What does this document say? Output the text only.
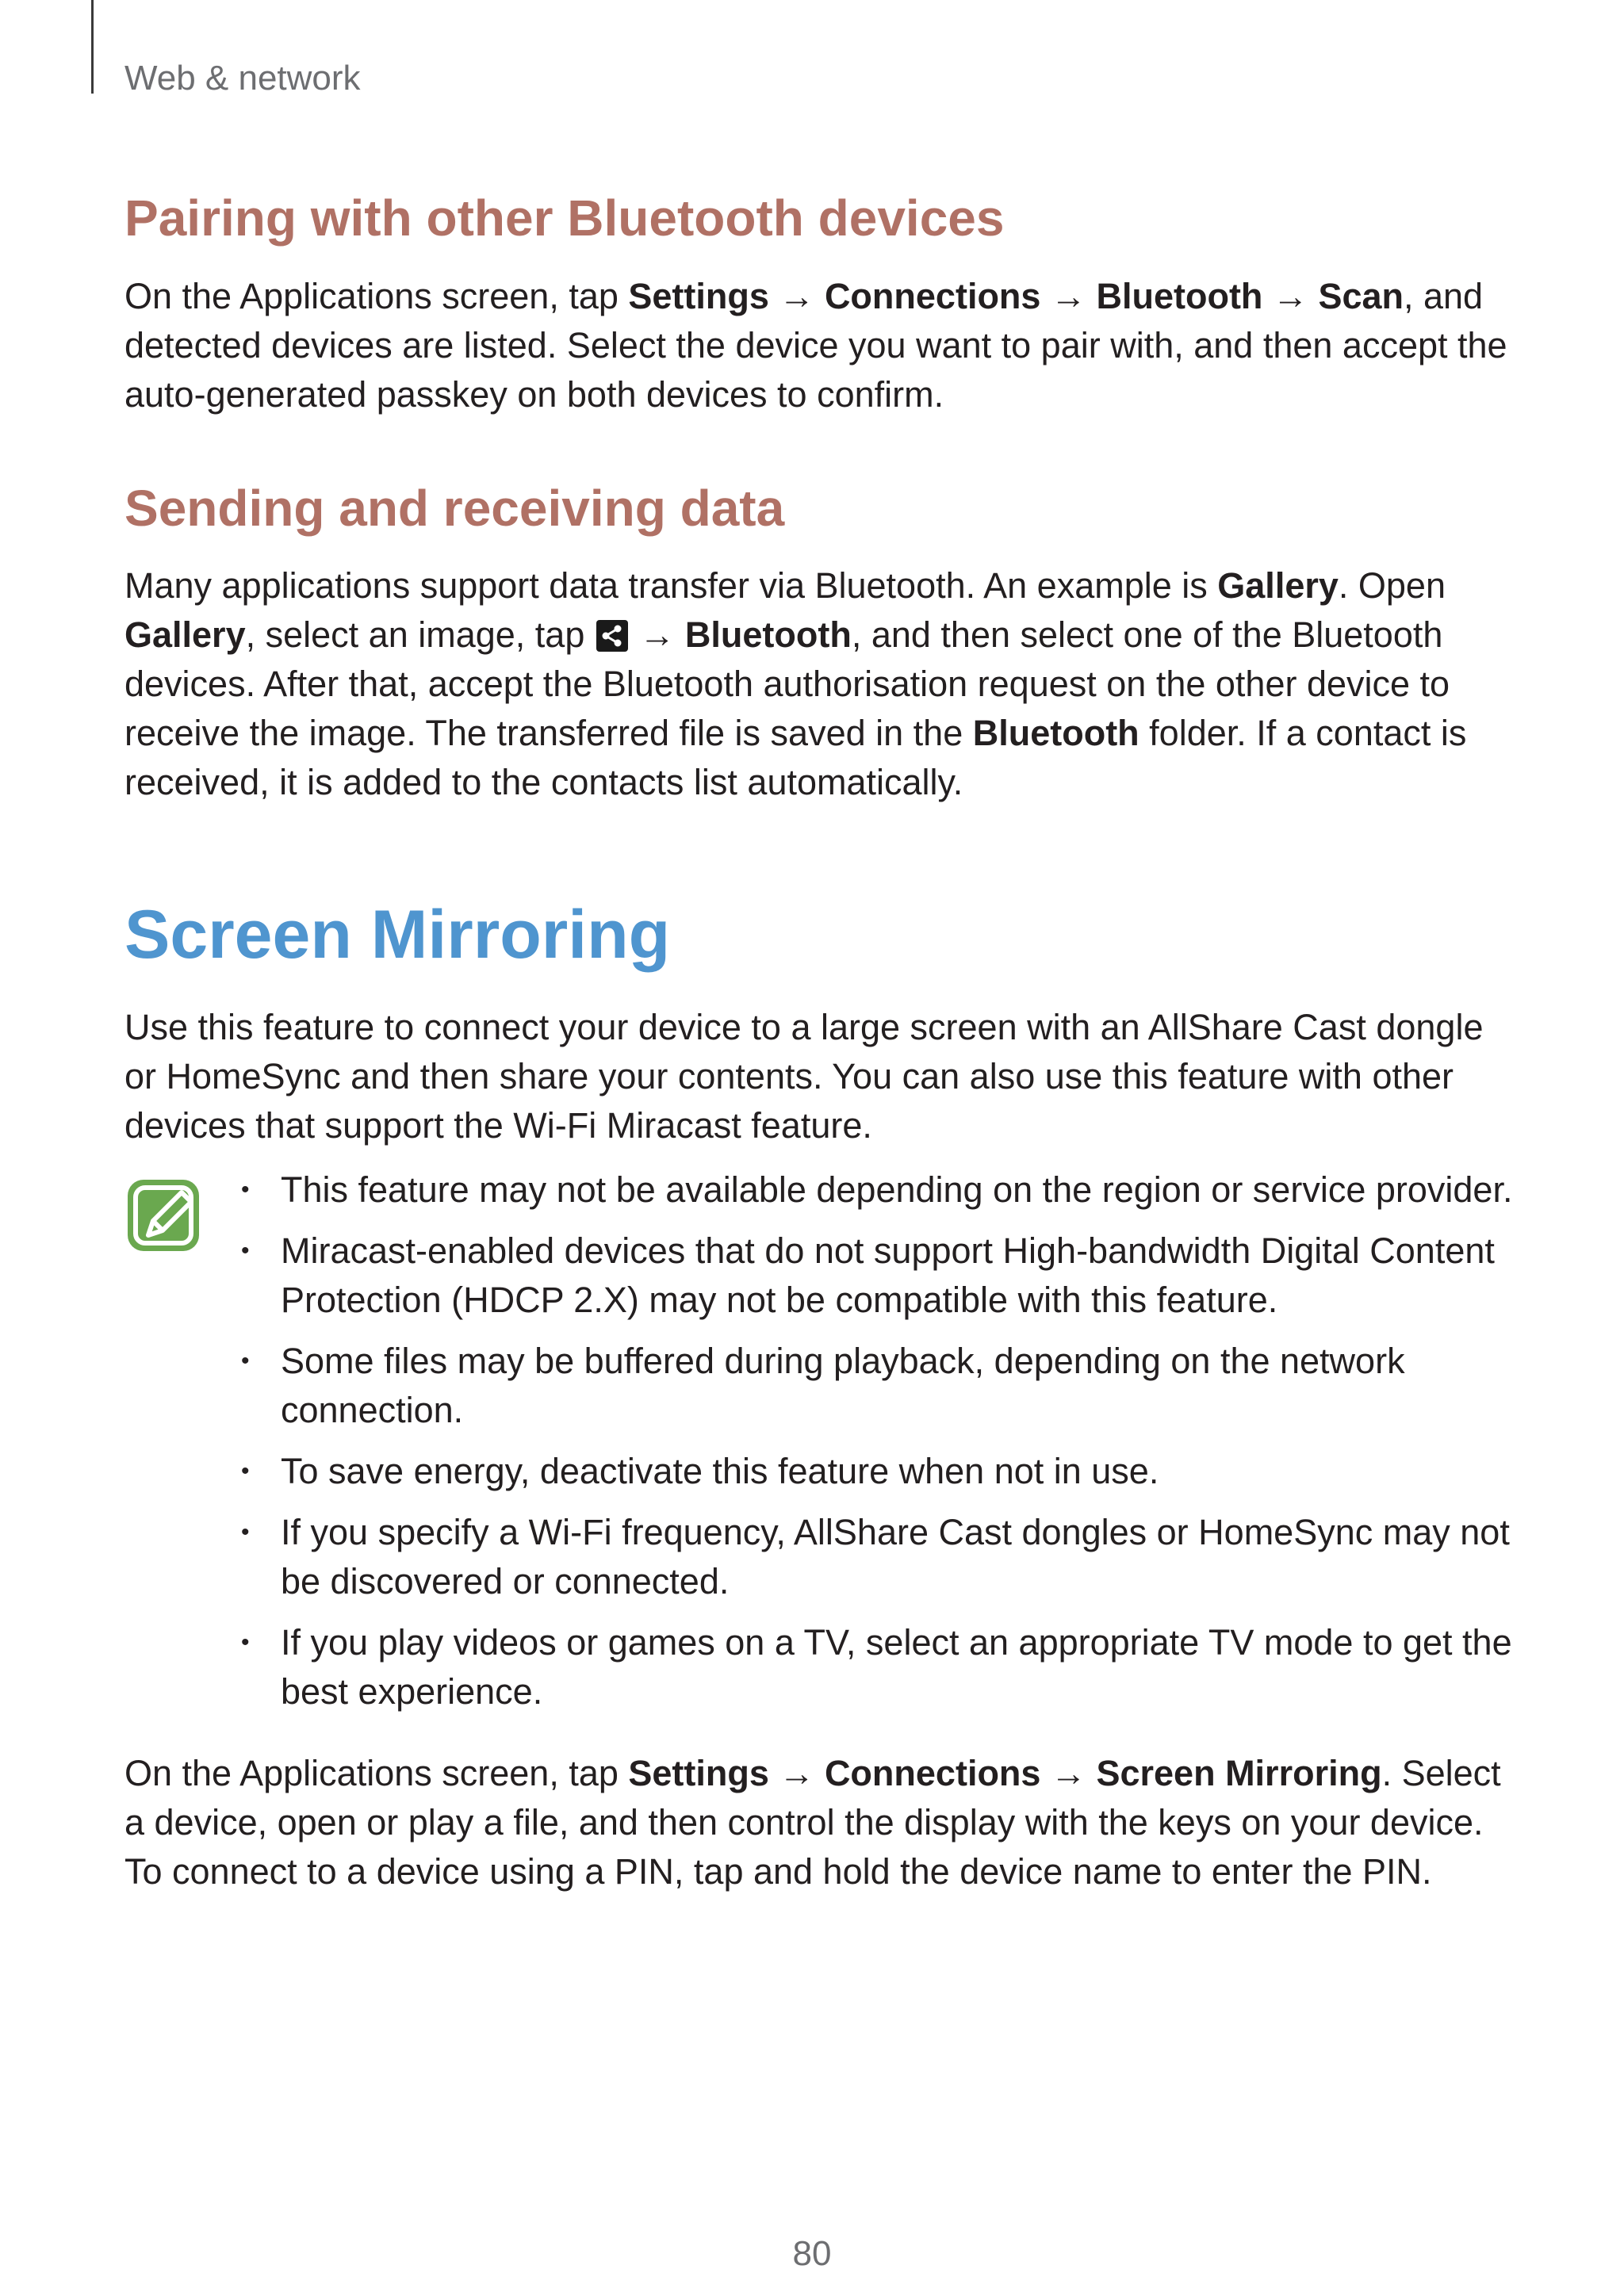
Web & network
Pairing with other Bluetooth devices

On the Applications screen, tap Settings → Connections → Bluetooth → Scan, and detected devices are listed. Select the device you want to pair with, and then accept the auto-generated passkey on both devices to confirm.

Sending and receiving data

Many applications support data transfer via Bluetooth. An example is Gallery. Open Gallery, select an image, tap  → Bluetooth, and then select one of the Bluetooth devices. After that, accept the Bluetooth authorisation request on the other device to receive the image. The transferred file is saved in the Bluetooth folder. If a contact is received, it is added to the contacts list automatically.

Screen Mirroring

Use this feature to connect your device to a large screen with an AllShare Cast dongle or HomeSync and then share your contents. You can also use this feature with other devices that support the Wi-Fi Miracast feature.

• This feature may not be available depending on the region or service provider.
• Miracast-enabled devices that do not support High-bandwidth Digital Content Protection (HDCP 2.X) may not be compatible with this feature.
• Some files may be buffered during playback, depending on the network connection.
• To save energy, deactivate this feature when not in use.
• If you specify a Wi-Fi frequency, AllShare Cast dongles or HomeSync may not be discovered or connected.
• If you play videos or games on a TV, select an appropriate TV mode to get the best experience.

On the Applications screen, tap Settings → Connections → Screen Mirroring. Select a device, open or play a file, and then control the display with the keys on your device. To connect to a device using a PIN, tap and hold the device name to enter the PIN.

80
